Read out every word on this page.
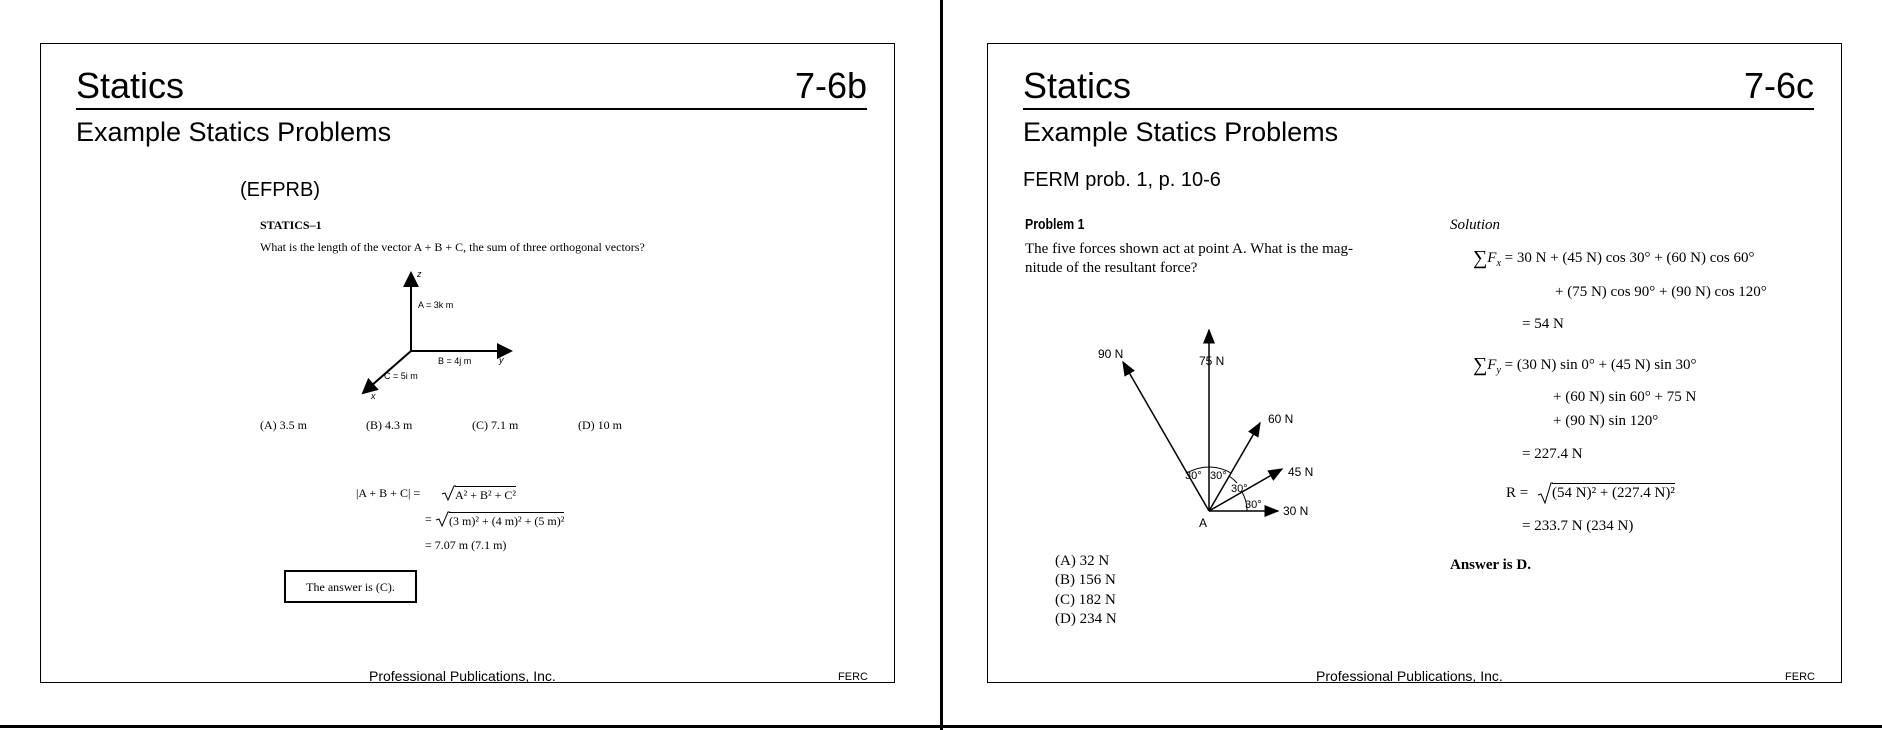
Statics	7-6b
Example Statics Problems
(EFPRB)
STATICS–1
What is the length of the vector A + B + C, the sum of three orthogonal vectors?
z
y
x
A = 3k m
B = 4j m
C = 5i m
(A) 3.5 m	(B) 4.3 m	(C) 7.1 m	(D) 10 m
|A + B + C| =	A² + B² + C²
= (3 m)² + (4 m)² + (5 m)²
= 7.07 m (7.1 m)
The answer is (C).
Professional Publications, Inc.	FERC
Statics	7-6c
Example Statics Problems
FERM prob. 1, p. 10-6
Problem 1
The five forces shown act at point A. What is the mag-
nitude of the resultant force?
90 N	75 N
60 N
45 N
30 N
A
30° 30°
30°
30°
(A) 32 N
(B) 156 N
(C) 182 N
(D) 234 N
Solution
$\sum F_x = 30$ N + (45 N) cos 30° + (60 N) cos 60°
+ (75 N) cos 90° + (90 N) cos 120°
= 54 N
$\sum F_y = (30$ N) sin 0° + (45 N) sin 30°
+ (60 N) sin 60° + 75 N
+ (90 N) sin 120°
= 227.4 N
R = (54 N)² + (227.4 N)²
= 233.7 N (234 N)
Answer is D.
Professional Publications, Inc.	FERC
